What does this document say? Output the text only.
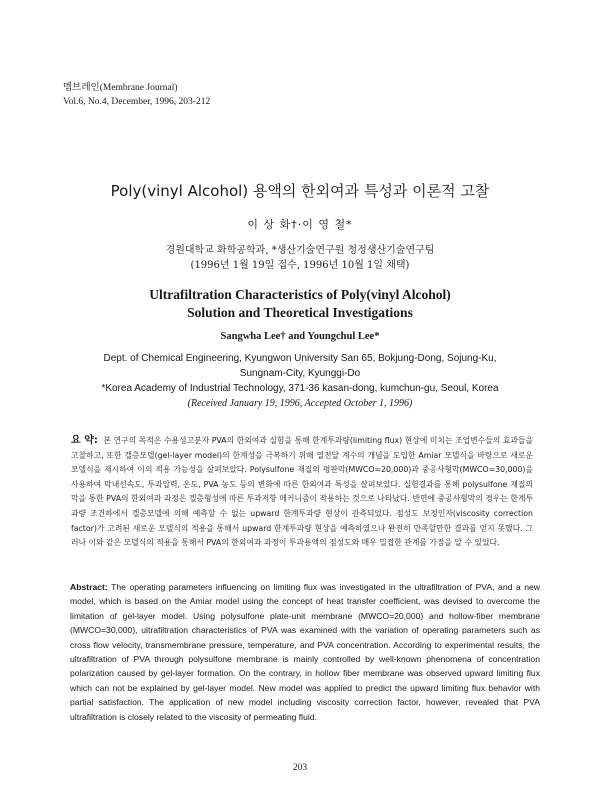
멤브레인(Membrane Journal)
Vol.6, No.4, December, 1996, 203-212
Poly(vinyl Alcohol) 용액의 한외여과 특성과 이론적 고찰
이 상 화†·이 영 철*
경원대학교 화학공학과, *생산기술연구원 청정생산기술연구팀
(1996년 1월 19일 접수, 1996년 10월 1일 채택)
Ultrafiltration Characteristics of Poly(vinyl Alcohol)
Solution and Theoretical Investigations
Sangwha Lee† and Youngchul Lee*
Dept. of Chemical Engineering, Kyungwon University San 65, Bokjung-Dong, Sojung-Ku,
Sungnam-City, Kyunggi-Do
*Korea Academy of Industrial Technology, 371-36 kasan-dong, kumchun-gu, Seoul, Korea
(Received January 19, 1996, Accepted October 1, 1996)
요 약: 본 연구의 목적은 수용성고분자 PVA의 한외여과 실험을 통해 한계투과량(limiting flux) 현상에 미치는 조업변수들의 효과들을 고찰하고, 또한 겔층모델(gel-layer model)의 한계성을 극복하기 위해 열전달 계수의 개념을 도입한 Amiar 모델식을 바탕으로 새로운 모델식을 제시하여 이의 적용 가능성을 살펴보았다. Polysulfone 재질의 평판막(MWCO=20,000)과 중공사형막(MWCO=30,000)을 사용하여 막내선속도, 투과압력, 온도, PVA 농도 등의 변화에 따른 한외여과 특성을 살펴보았다. 실험결과를 통해 polysulfone 재질의 막을 통한 PVA의 한외여과 과정은 겔층형성에 따른 투과저항 메커니즘이 작용하는 것으로 나타났다. 반면에 중공사형막의 경우는 한계투과량 조건하에서 겔층모델에 의해 예측할 수 없는 upward 한계투과량 현상이 관측되었다. 점성도 보정인자(viscosity correction factor)가 고려된 새로운 모델식의 적용을 통해서 upward 한계투과량 현상을 예측하였으나 완전히 만족할만한 결과를 얻지 못했다. 그러나 이와 같은 모델식의 적용을 통해서 PVA의 한외여과 과정이 투과용액의 점성도와 매우 밀접한 관계를 가짐을 알 수 있었다.
Abstract: The operating parameters influencing on limiting flux was investigated in the ultrafiltration of PVA, and a new model, which is based on the Amiar model using the concept of heat transfer coefficient, was devised to overcome the limitation of gel-layer model. Using polysulfone plate-unit membrane (MWCO=20,000) and hollow-fiber membrane (MWCO=30,000), ultrafiltration characteristics of PVA was examined with the variation of operating parameters such as cross flow velocity, transmembrane pressure, temperature, and PVA concentration. According to experimental results, the ultrafiltration of PVA through polysulfone membrane is mainly controlled by well-known phenomena of concentration polarization caused by gel-layer formation. On the contrary, in hollow fiber membrane was observed upward limiting flux which can not be explained by gel-layer model. New model was applied to predict the upward limiting flux behavior with partial satisfaction. The application of new model including viscosity correction factor, however, revealed that PVA ultrafiltration is closely related to the viscosity of permeating fluid.
203
